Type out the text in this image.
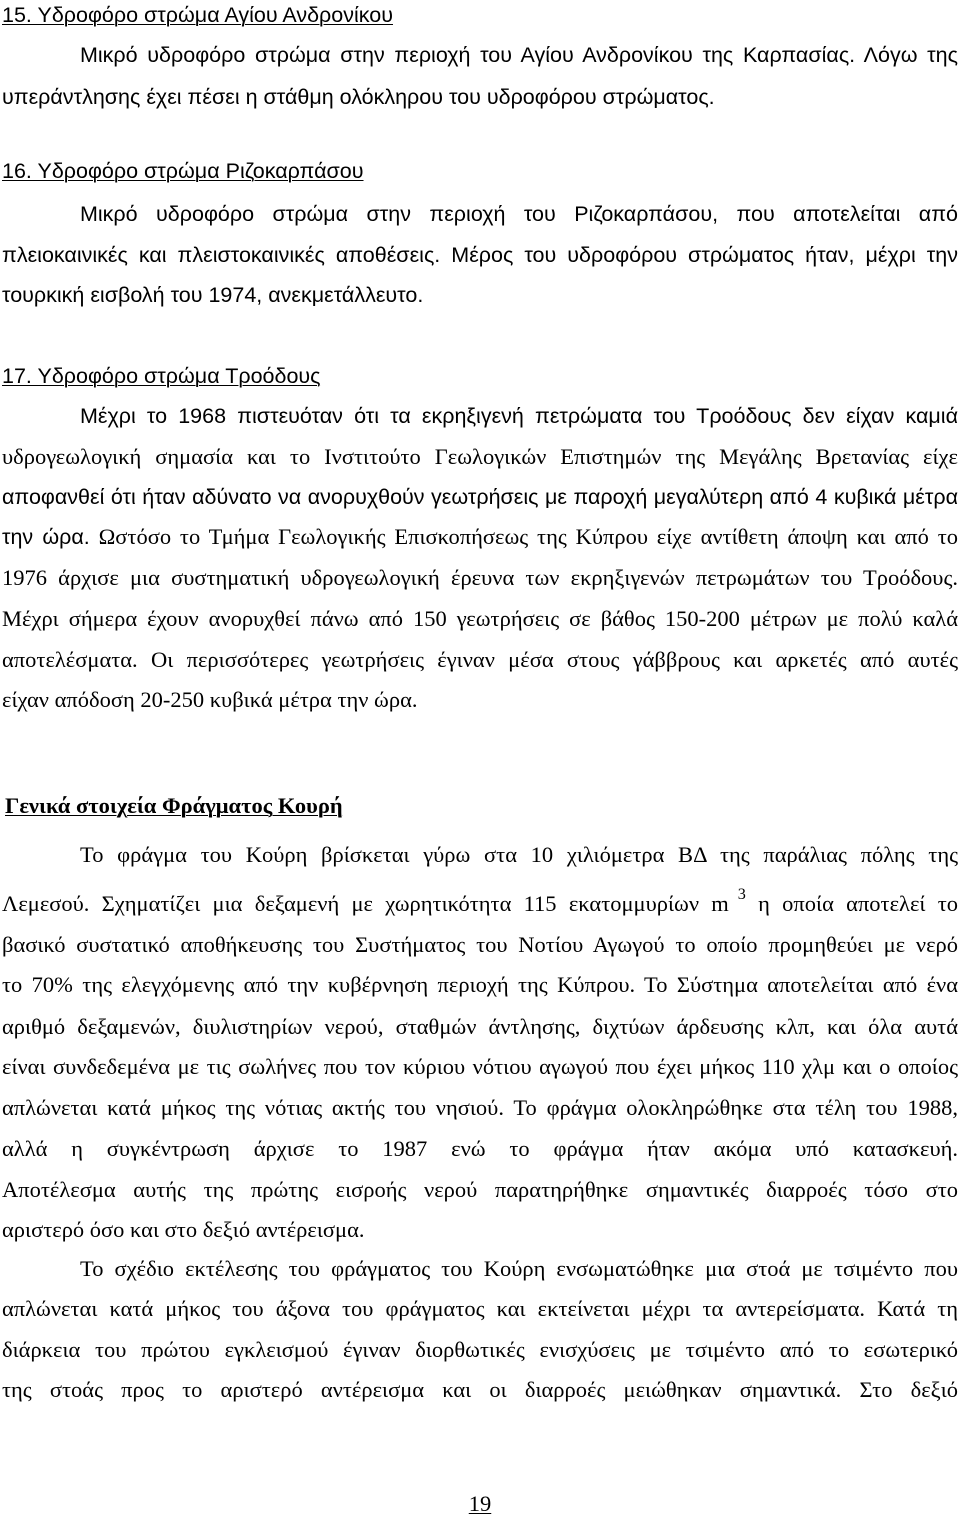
15. Υδροφόρο στρώμα Αγίου Ανδρονίκου
Μικρό υδροφόρο στρώμα στην περιοχή του Αγίου Ανδρονίκου της Καρπασίας. Λόγω της
υπεράντλησης έχει πέσει η στάθμη ολόκληρου του υδροφόρου στρώματος.
16. Υδροφόρο στρώμα Ριζοκαρπάσου
Μικρό υδροφόρο στρώμα στην περιοχή του Ριζοκαρπάσου, που αποτελείται από
πλειοκαινικές και πλειστοκαινικές αποθέσεις. Μέρος του υδροφόρου στρώματος ήταν, μέχρι την
τουρκική εισβολή του 1974, ανεκμετάλλευτο.
17. Υδροφόρο στρώμα Τροόδους
Μέχρι το 1968 πιστευόταν ότι τα εκρηξιγενή πετρώματα του Τροόδους δεν είχαν καμιά
υδρογεωλογική σημασία και το Ινστιτούτο Γεωλογικών Επιστημών της Μεγάλης Βρετανίας είχε
αποφανθεί ότι ήταν αδύνατο να ανορυχθούν γεωτρήσεις με παροχή μεγαλύτερη από 4 κυβικά μέτρα
την ώρα. Ωστόσο το Τμήμα Γεωλογικής Επισκοπήσεως της Κύπρου είχε αντίθετη άποψη και από το
1976 άρχισε μια συστηματική υδρογεωλογική έρευνα των εκρηξιγενών πετρωμάτων του Τροόδους.
Μέχρι σήμερα έχουν ανορυχθεί πάνω από 150 γεωτρήσεις σε βάθος 150-200 μέτρων με πολύ καλά
αποτελέσματα. Οι περισσότερες γεωτρήσεις έγιναν μέσα στους γάββρους και αρκετές από αυτές
είχαν απόδοση 20-250 κυβικά μέτρα την ώρα.
Γενικά στοιχεία Φράγματος Κουρή
Το φράγμα του Κούρη βρίσκεται γύρω στα 10 χιλιόμετρα ΒΔ της παράλιας πόλης της
Λεμεσού. Σχηματίζει μια δεξαμενή με χωρητικότητα 115 εκατομμυρίων m $^3$ η οποία αποτελεί το
βασικό συστατικό αποθήκευσης του Συστήματος του Νοτίου Αγωγού το οποίο προμηθεύει με νερό
το 70% της ελεγχόμενης από την κυβέρνηση περιοχή της Κύπρου. Το Σύστημα αποτελείται από ένα
αριθμό δεξαμενών, διυλιστηρίων νερού, σταθμών άντλησης, διχτύων άρδευσης κλπ, και όλα αυτά
είναι συνδεδεμένα με τις σωλήνες που τον κύριου νότιου αγωγού που έχει μήκος 110 χλμ και ο οποίος
απλώνεται κατά μήκος της νότιας ακτής του νησιού. Το φράγμα ολοκληρώθηκε στα τέλη του 1988,
αλλά η συγκέντρωση άρχισε το 1987 ενώ το φράγμα ήταν ακόμα υπό κατασκευή.
Αποτέλεσμα αυτής της πρώτης εισροής νερού παρατηρήθηκε σημαντικές διαρροές τόσο στο
αριστερό όσο και στο δεξιό αντέρεισμα.
Το σχέδιο εκτέλεσης του φράγματος του Κούρη ενσωματώθηκε μια στοά με τσιμέντο που
απλώνεται κατά μήκος του άξονα του φράγματος και εκτείνεται μέχρι τα αντερείσματα. Κατά τη
διάρκεια του πρώτου εγκλεισμού έγιναν διορθωτικές ενισχύσεις με τσιμέντο από το εσωτερικό
της στοάς προς το αριστερό αντέρεισμα και οι διαρροές μειώθηκαν σημαντικά. Στο δεξιό
19
